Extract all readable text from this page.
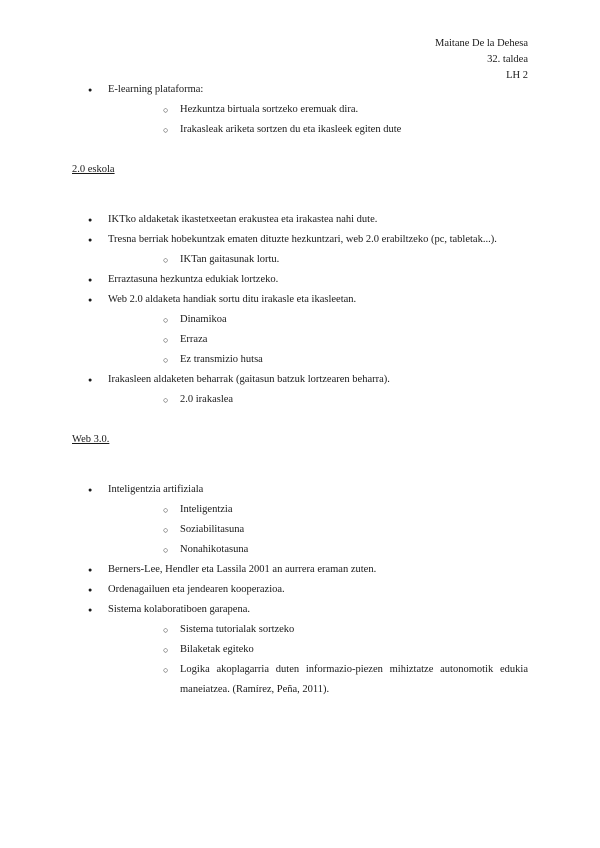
Maitane De la Dehesa
32. taldea
LH 2
● E-learning plataforma:
○ Hezkuntza birtuala sortzeko eremuak dira.
○ Irakasleak ariketa sortzen du eta ikasleek egiten dute

2.0 eskola

● IKTko aldaketak ikastetxeetan erakustea eta irakastea nahi dute.
● Tresna berriak hobekuntzak ematen dituzte hezkuntzari, web 2.0 erabiltzeko (pc, tabletak...).
○ IKTan gaitasunak lortu.
● Erraztasuna hezkuntza edukiak lortzeko.
● Web 2.0 aldaketa handiak sortu ditu irakasle eta ikasleetan.
○ Dinamikoa
○ Erraza
○ Ez transmizio hutsa
● Irakasleen aldaketen beharrak (gaitasun batzuk lortzearen beharra).
○ 2.0 irakaslea

Web 3.0.

● Inteligentzia artifiziala
○ Inteligentzia
○ Soziabilitasuna
○ Nonahikotasuna
● Berners-Lee, Hendler eta Lassila 2001 an aurrera eraman zuten.
● Ordenagailuen eta jendearen kooperazioa.
● Sistema kolaboratiboen garapena.
○ Sistema tutorialak sortzeko
○ Bilaketak egiteko
○ Logika akoplagarria duten informazio-piezen mihiztatze autonomotik edukia maneiatzea. (Ramírez, Peña, 2011).
